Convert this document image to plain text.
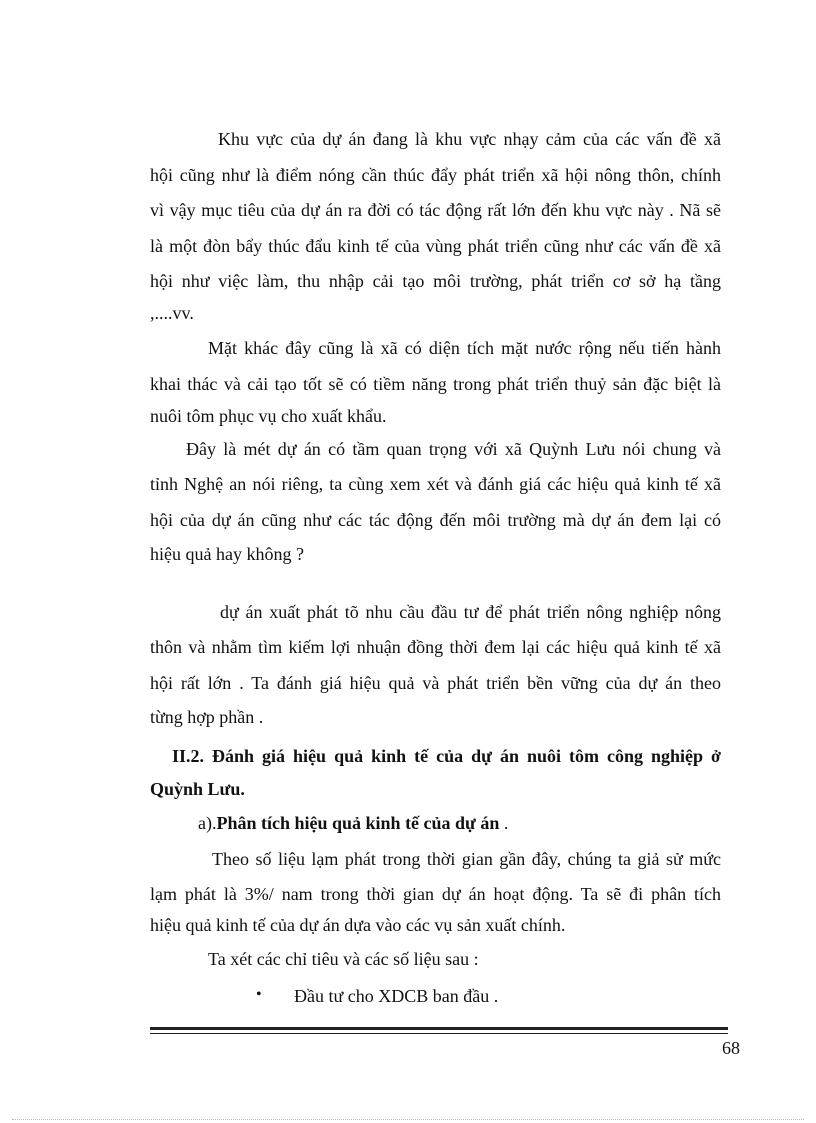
Khu vực của dự án đang là khu vực nhạy cảm của các vấn đề xã
hội cũng như là điểm nóng cần thúc đẩy phát triển xã hội nông thôn, chính
vì vậy mục tiêu của dự án ra đời có tác động rất lớn đến khu vực này . Nã sẽ
là một đòn bẩy thúc đẩu kinh tế của vùng phát triển cũng như các vấn đề xã
hội như việc làm, thu nhập cải tạo môi trường, phát triển cơ sở hạ tầng
,....vv.
Mặt khác đây cũng là xã có diện tích mặt nước rộng nếu tiến hành
khai thác và cải tạo tốt sẽ có tiềm năng trong phát triển thuỷ sản đặc biệt là
nuôi tôm phục vụ cho xuất khẩu.
Đây là mét dự án có tầm quan trọng với xã Quỳnh Lưu nói chung và
tỉnh Nghệ an nói riêng, ta cùng xem xét và đánh giá các hiệu quả kinh tế xã
hội của dự án cũng như các tác động đến môi trường mà dự án đem lại có
hiệu quả hay không ?
dự án xuất phát tõ nhu cầu đầu tư để phát triển nông nghiệp nông
thôn và nhằm tìm kiếm lợi nhuận đồng thời đem lại các hiệu quả kinh tế xã
hội rất lớn . Ta đánh giá hiệu quả và phát triển bền vững của dự án theo
từng hợp phần .
II.2. Đánh giá hiệu quả kinh tế của dự án nuôi tôm công nghiệp ở
Quỳnh Lưu.
a).Phân tích hiệu quả kinh tế của dự án .
Theo số liệu lạm phát trong thời gian gần đây, chúng ta giả sử mức
lạm phát là 3%/ nam trong thời gian dự án hoạt động. Ta sẽ đi phân tích
hiệu quả kinh tế của dự án dựa vào các vụ sản xuất chính.
Ta xét các chỉ tiêu và các số liệu sau :
• Đầu tư cho XDCB ban đầu .
68
